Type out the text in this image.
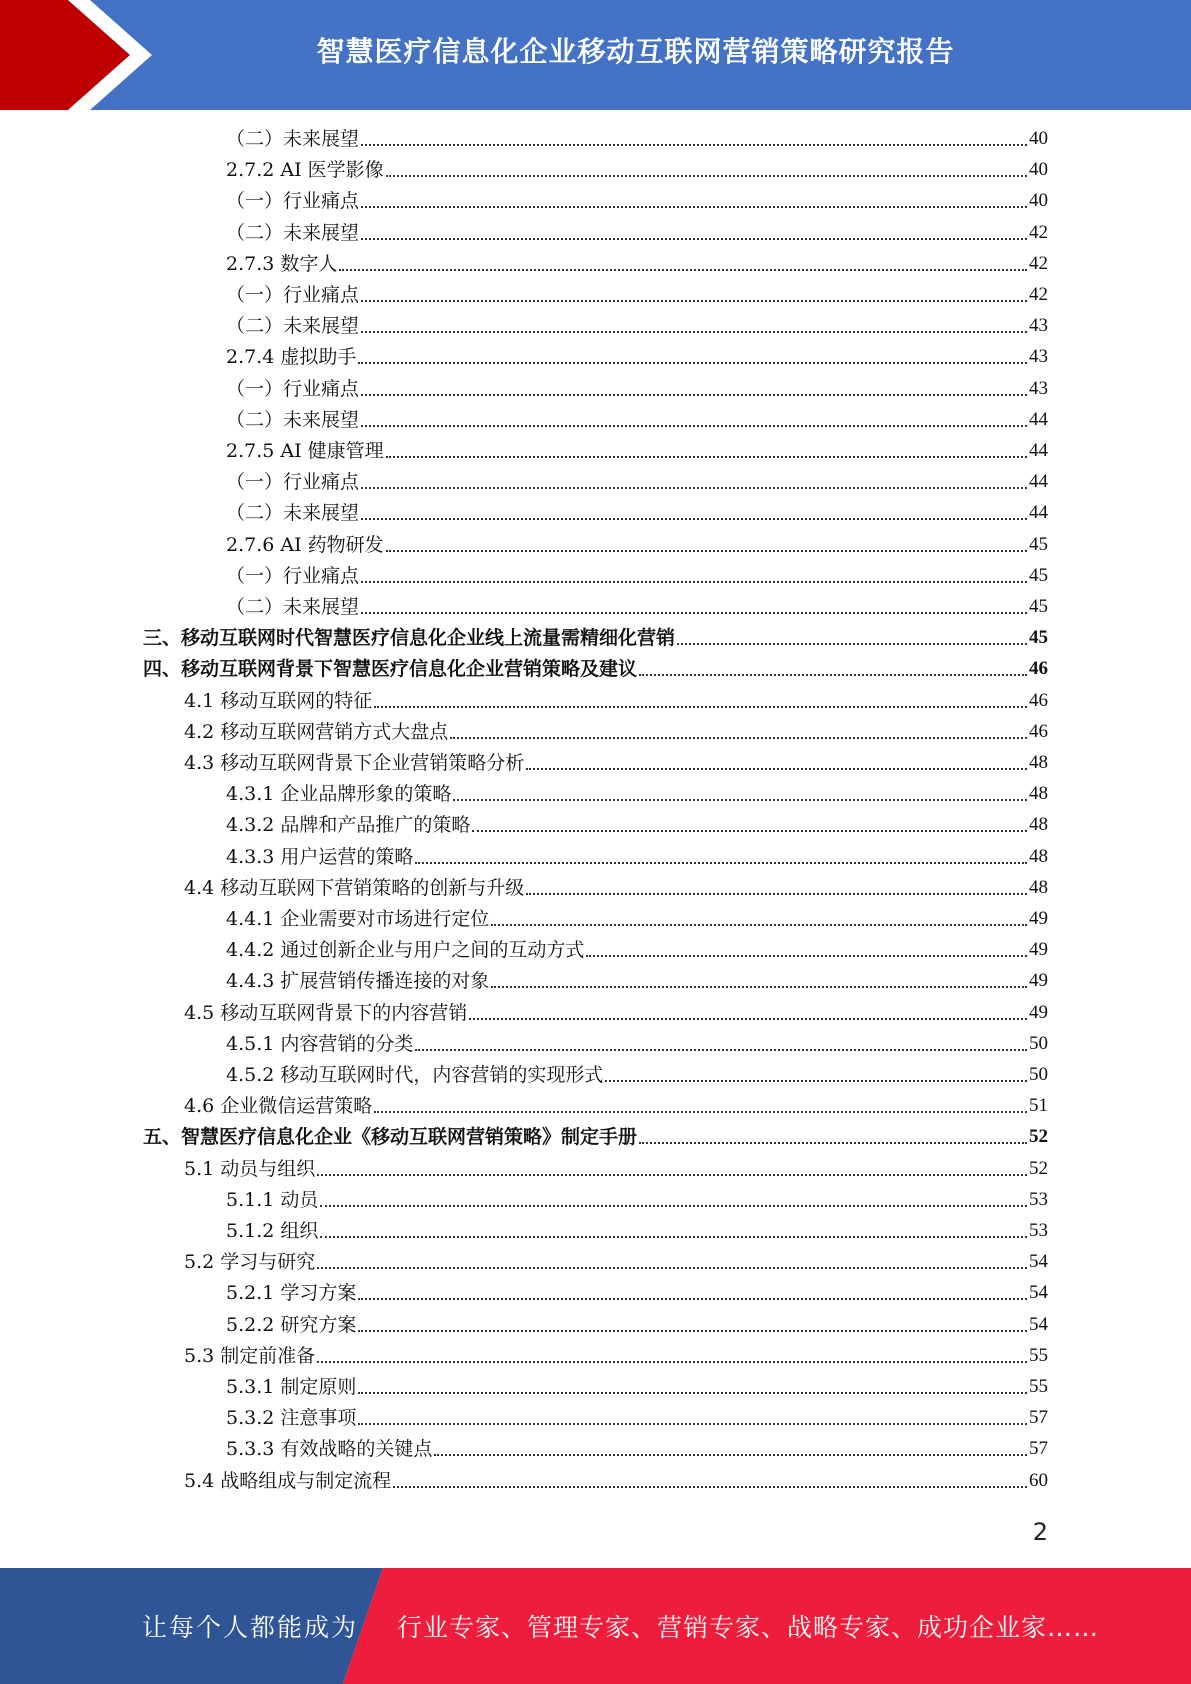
智慧医疗信息化企业移动互联网营销策略研究报告
（二）未来展望	40
2.7.2 AI 医学影像	40
（一）行业痛点	40
（二）未来展望	42
2.7.3 数字人	42
（一）行业痛点	42
（二）未来展望	43
2.7.4 虚拟助手	43
（一）行业痛点	43
（二）未来展望	44
2.7.5 AI 健康管理	44
（一）行业痛点	44
（二）未来展望	44
2.7.6 AI 药物研发	45
（一）行业痛点	45
（二）未来展望	45
三、移动互联网时代智慧医疗信息化企业线上流量需精细化营销	45
四、移动互联网背景下智慧医疗信息化企业营销策略及建议	46
4.1 移动互联网的特征	46
4.2 移动互联网营销方式大盘点	46
4.3 移动互联网背景下企业营销策略分析	48
4.3.1 企业品牌形象的策略	48
4.3.2 品牌和产品推广的策略	48
4.3.3 用户运营的策略	48
4.4 移动互联网下营销策略的创新与升级	48
4.4.1 企业需要对市场进行定位	49
4.4.2 通过创新企业与用户之间的互动方式	49
4.4.3 扩展营销传播连接的对象	49
4.5 移动互联网背景下的内容营销	49
4.5.1 内容营销的分类	50
4.5.2 移动互联网时代，内容营销的实现形式	50
4.6 企业微信运营策略	51
五、智慧医疗信息化企业《移动互联网营销策略》制定手册	52
5.1 动员与组织	52
5.1.1 动员	53
5.1.2 组织	53
5.2 学习与研究	54
5.2.1 学习方案	54
5.2.2 研究方案	54
5.3 制定前准备	55
5.3.1 制定原则	55
5.3.2 注意事项	57
5.3.3 有效战略的关键点	57
5.4 战略组成与制定流程	60
2
让每个人都能成为 行业专家、管理专家、营销专家、战略专家、成功企业家……
